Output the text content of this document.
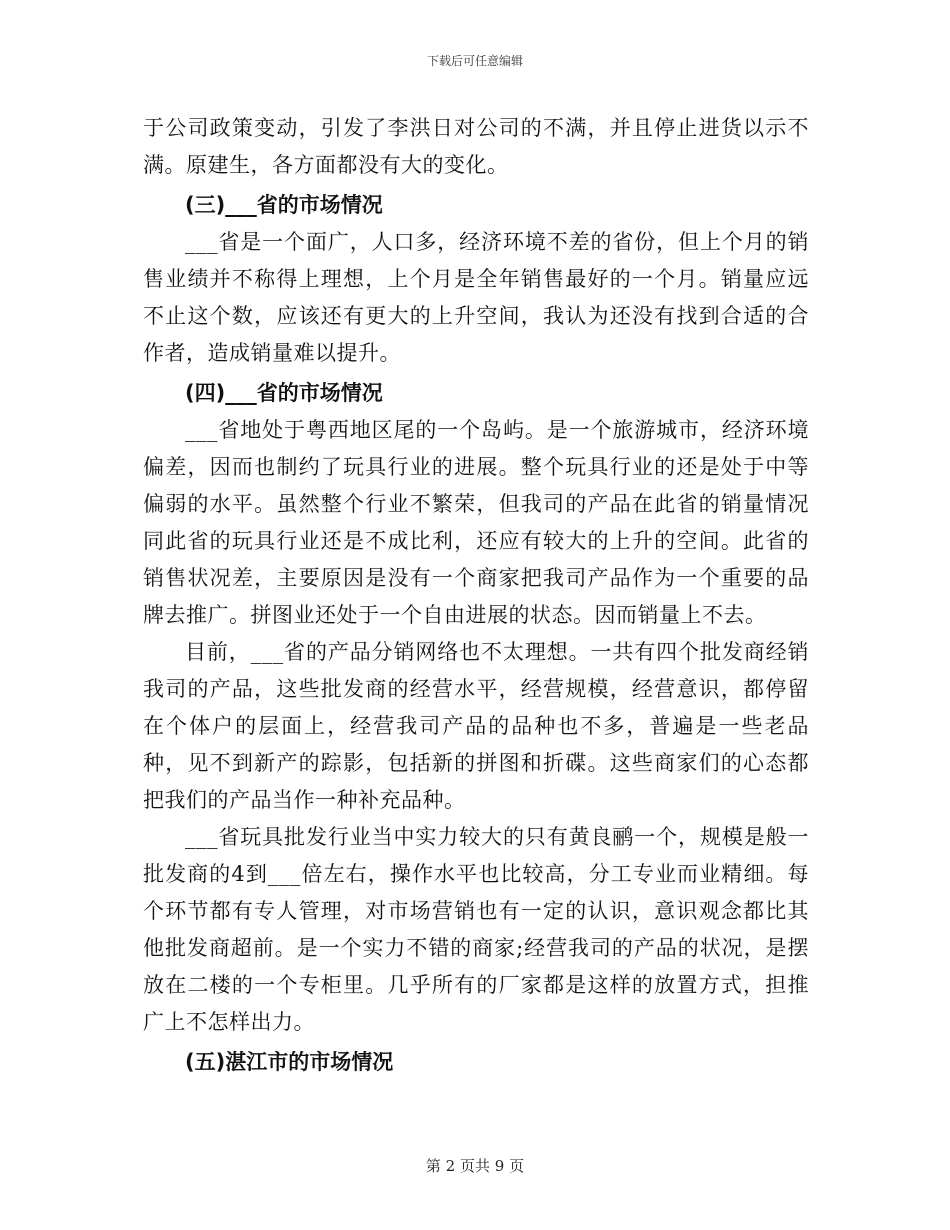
下载后可任意编辑

于公司政策变动，引发了李洪日对公司的不满，并且停止进货以示不满。原建生，各方面都没有大的变化。

(三)___省的市场情况

___省是一个面广，人口多，经济环境不差的省份，但上个月的销售业绩并不称得上理想，上个月是全年销售最好的一个月。销量应远不止这个数，应该还有更大的上升空间，我认为还没有找到合适的合作者，造成销量难以提升。

(四)___省的市场情况

___省地处于粤西地区尾的一个岛屿。是一个旅游城市，经济环境偏差，因而也制约了玩具行业的进展。整个玩具行业的还是处于中等偏弱的水平。虽然整个行业不繁荣，但我司的产品在此省的销量情况同此省的玩具行业还是不成比利，还应有较大的上升的空间。此省的销售状况差，主要原因是没有一个商家把我司产品作为一个重要的品牌去推广。拼图业还处于一个自由进展的状态。因而销量上不去。

目前，___省的产品分销网络也不太理想。一共有四个批发商经销我司的产品，这些批发商的经营水平，经营规模，经营意识，都停留在个体户的层面上，经营我司产品的品种也不多，普遍是一些老品种，见不到新产的踪影，包括新的拼图和折碟。这些商家们的心态都把我们的产品当作一种补充品种。

___省玩具批发行业当中实力较大的只有黄良鹂一个，规模是般一批发商的4到___倍左右，操作水平也比较高，分工专业而业精细。每个环节都有专人管理，对市场营销也有一定的认识，意识观念都比其他批发商超前。是一个实力不错的商家;经营我司的产品的状况，是摆放在二楼的一个专柜里。几乎所有的厂家都是这样的放置方式，担推广上不怎样出力。

(五)湛江市的市场情况

第 2 页共 9 页
